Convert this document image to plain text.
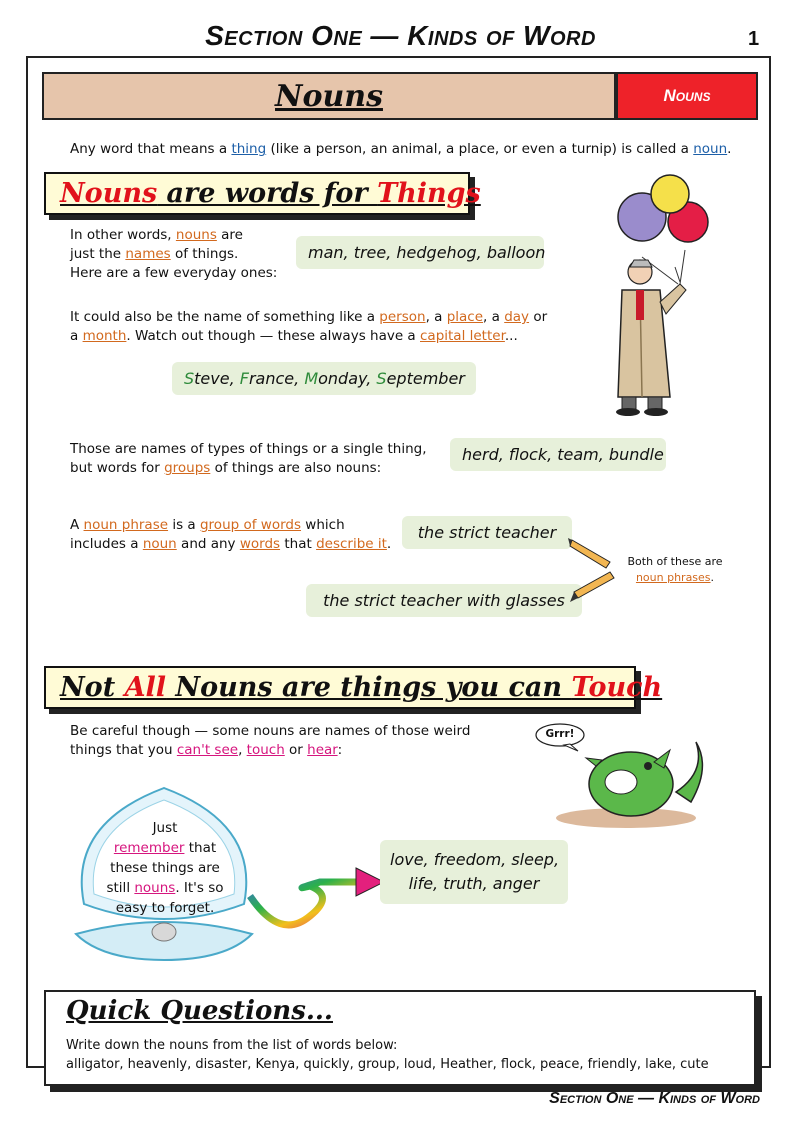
Section One — Kinds of Word	1
Nouns	Nouns
Any word that means a thing (like a person, an animal, a place, or even a turnip) is called a noun.
Nouns are words for Things
In other words, nouns are
just the names of things.
Here are a few everyday ones:
man, tree, hedgehog, balloon
It could also be the name of something like a person, a place, a day or
a month. Watch out though — these always have a capital letter...
Steve, France, Monday, September
Those are names of types of things or a single thing,
but words for groups of things are also nouns:
herd, flock, team, bundle
A noun phrase is a group of words which
includes a noun and any words that describe it.
the strict teacher
the strict teacher with glasses
Both of these are
noun phrases.
Not All Nouns are things you can Touch
Be careful though — some nouns are names of those weird
things that you can't see, touch or hear:
Grrr!
Just
remember that
these things are
still nouns. It's so
easy to forget.
love, freedom, sleep,
life, truth, anger
Quick Questions...
Write down the nouns from the list of words below:
alligator, heavenly, disaster, Kenya, quickly, group, loud, Heather, flock, peace, friendly, lake, cute
Section One — Kinds of Word
